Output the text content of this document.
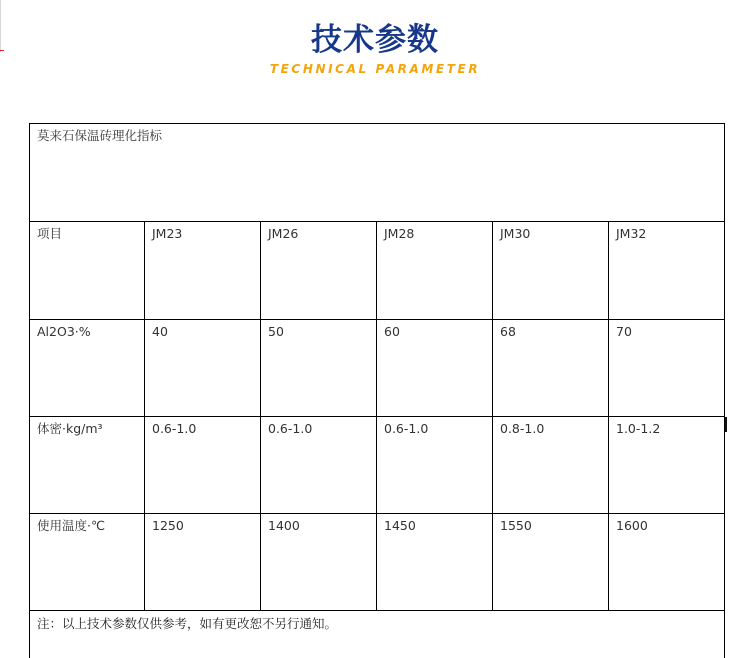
技术参数
TECHNICAL PARAMETER
莫来石保温砖理化指标					
项目	JM23	JM26	JM28	JM30	JM32
Al2O3·%	40	50	60	68	70
体密·kg/m³	0.6-1.0	0.6-1.0	0.6-1.0	0.8-1.0	1.0-1.2
使用温度·℃	1250	1400	1450	1550	1600
注：以上技术参数仅供参考，如有更改恕不另行通知。					
